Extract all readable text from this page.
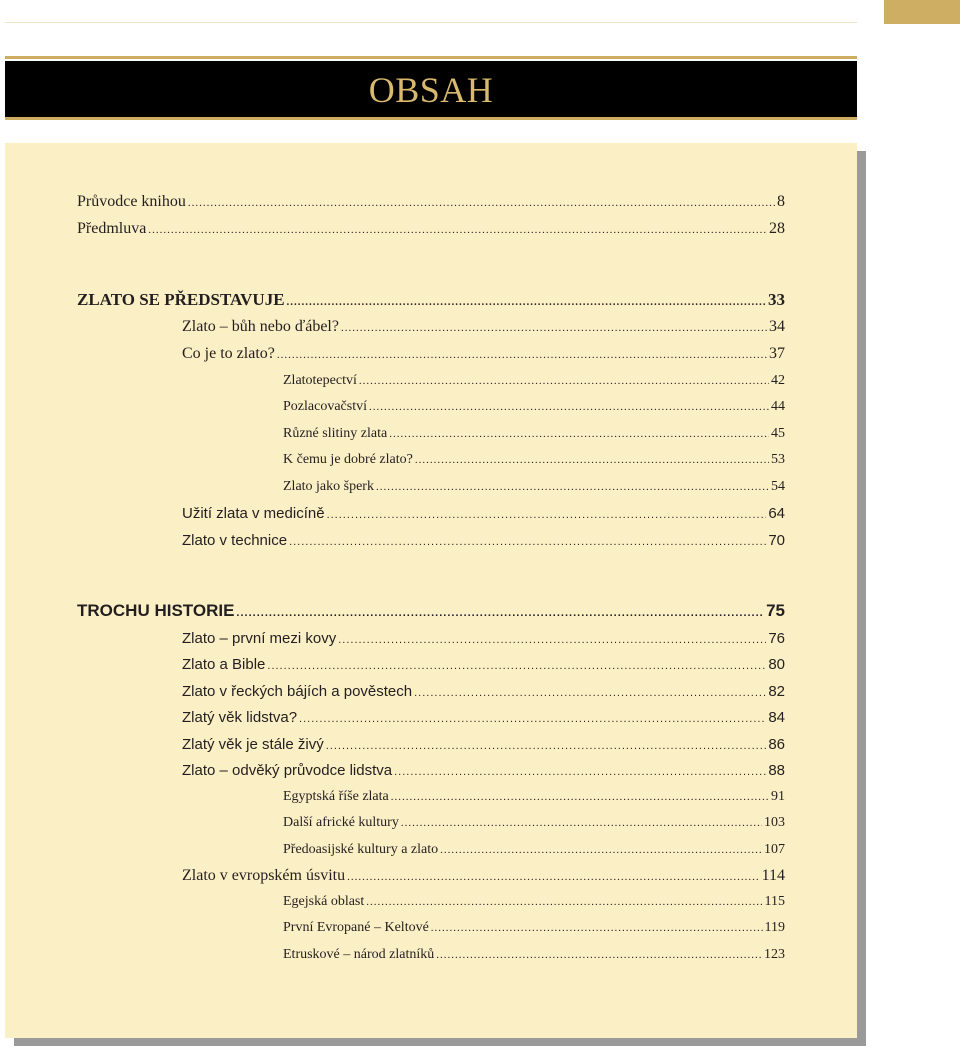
OBSAH
Průvodce knihou .....	8
Předmluva .....	28
ZLATO SE PŘEDSTAVUJE .....	33
Zlato – bůh nebo ďábel? .....	34
Co je to zlato? .....	37
Zlatotepectví .....	42
Pozlacovačství .....	44
Různé slitiny zlata .....	45
K čemu je dobré zlato? .....	53
Zlato jako šperk .....	54
Užití zlata v medicíně .....	64
Zlato v technice .....	70
TROCHU HISTORIE .....	75
Zlato – první mezi kovy .....	76
Zlato a Bible .....	80
Zlato v řeckých bájích a pověstech .....	82
Zlatý věk lidstva? .....	84
Zlatý věk je stále živý .....	86
Zlato – odvěký průvodce lidstva .....	88
Egyptská říše zlata .....	91
Další africké kultury .....	103
Předoasijské kultury a zlato .....	107
Zlato v evropském úsvitu .....	114
Egejská oblast .....	115
První Evropané – Keltové .....	119
Etruskové – národ zlatníků .....	123
